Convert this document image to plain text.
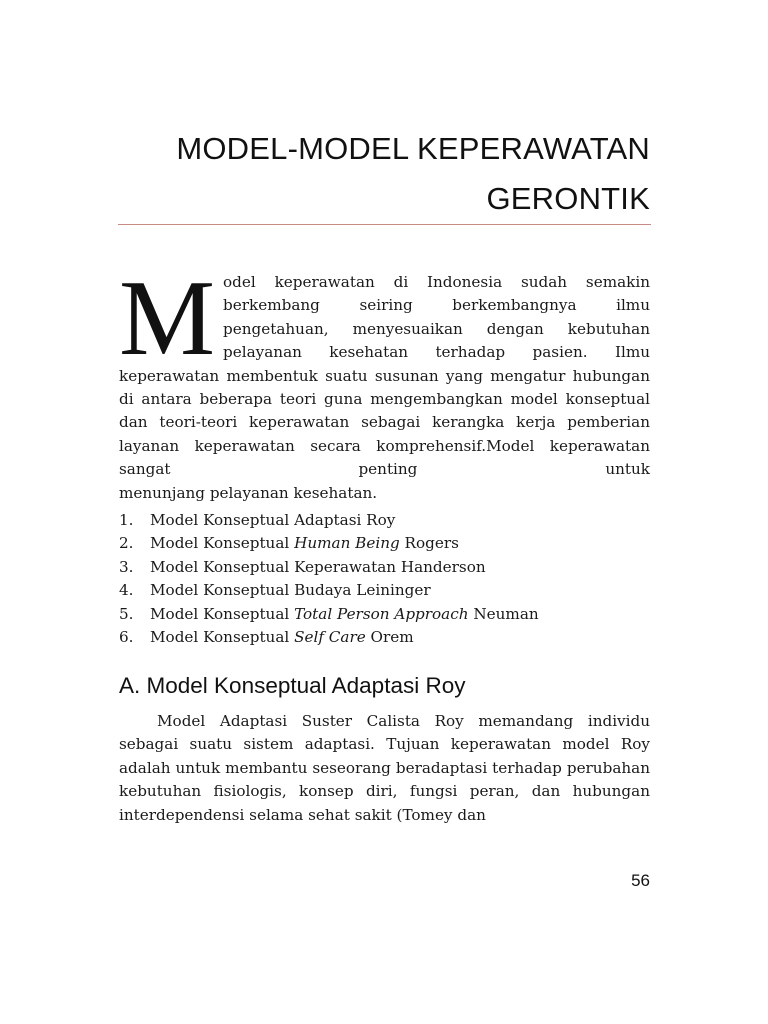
MODEL-MODEL KEPERAWATAN
GERONTIK

Model keperawatan di Indonesia sudah semakin berkembang seiring berkembangnya ilmu pengetahuan, menyesuaikan dengan kebutuhan pelayanan kesehatan terhadap pasien. Ilmu keperawatan membentuk suatu susunan yang mengatur hubungan di antara beberapa teori guna mengembangkan model konseptual dan teori-teori keperawatan sebagai kerangka kerja pemberian layanan keperawatan secara komprehensif.Model keperawatan sangat penting untuk
menunjang pelayanan kesehatan.

1.	Model Konseptual Adaptasi Roy
2.	Model Konseptual Human Being Rogers
3.	Model Konseptual Keperawatan Handerson
4.	Model Konseptual Budaya Leininger
5.	Model Konseptual Total Person Approach Neuman
6.	Model Konseptual Self Care Orem
A. Model Konseptual Adaptasi Roy

Model Adaptasi Suster Calista Roy memandang individu sebagai suatu sistem adaptasi. Tujuan keperawatan model Roy adalah untuk membantu seseorang beradaptasi terhadap perubahan kebutuhan fisiologis, konsep diri, fungsi peran, dan hubungan interdependensi selama sehat sakit (Tomey dan

56
